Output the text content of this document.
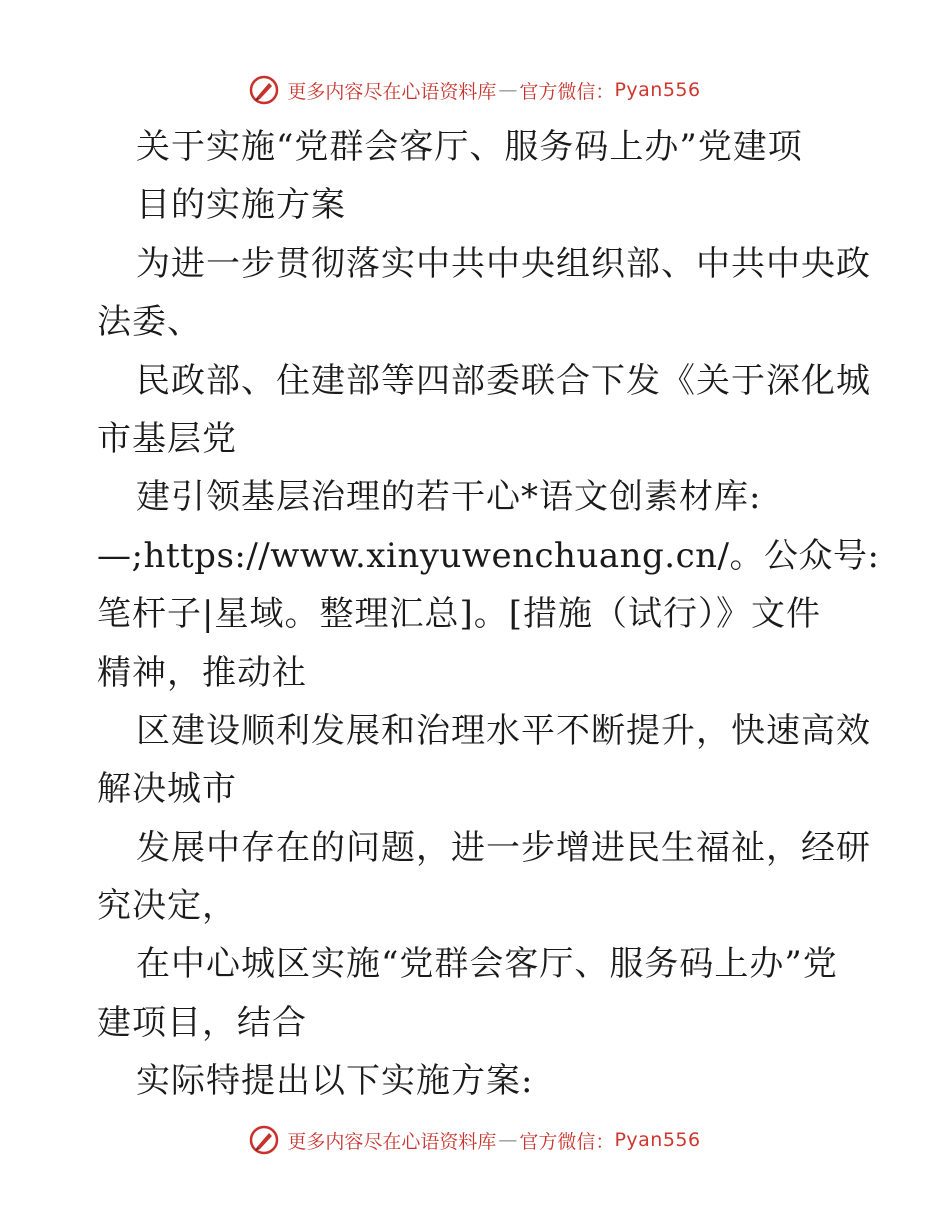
更多内容尽在心语资料库 — 官方微信： Pyan556
关于实施“党群会客厅、服务码上办”党建项
目的实施方案
为进一步贯彻落实中共中央组织部、中共中央政
法委、
民政部、住建部等四部委联合下发《关于深化城
市基层党
建引领基层治理的若干心*语文创素材库:
—;https://www.xinyuwenchuang.cn/。公众号:
笔杆子|星域。整理汇总]。[措施（试行）》文件
精神，推动社
区建设顺利发展和治理水平不断提升，快速高效
解决城市
发展中存在的问题，进一步增进民生福祉，经研
究决定，
在中心城区实施“党群会客厅、服务码上办”党
建项目，结合
实际特提出以下实施方案:
更多内容尽在心语资料库 — 官方微信： Pyan556
